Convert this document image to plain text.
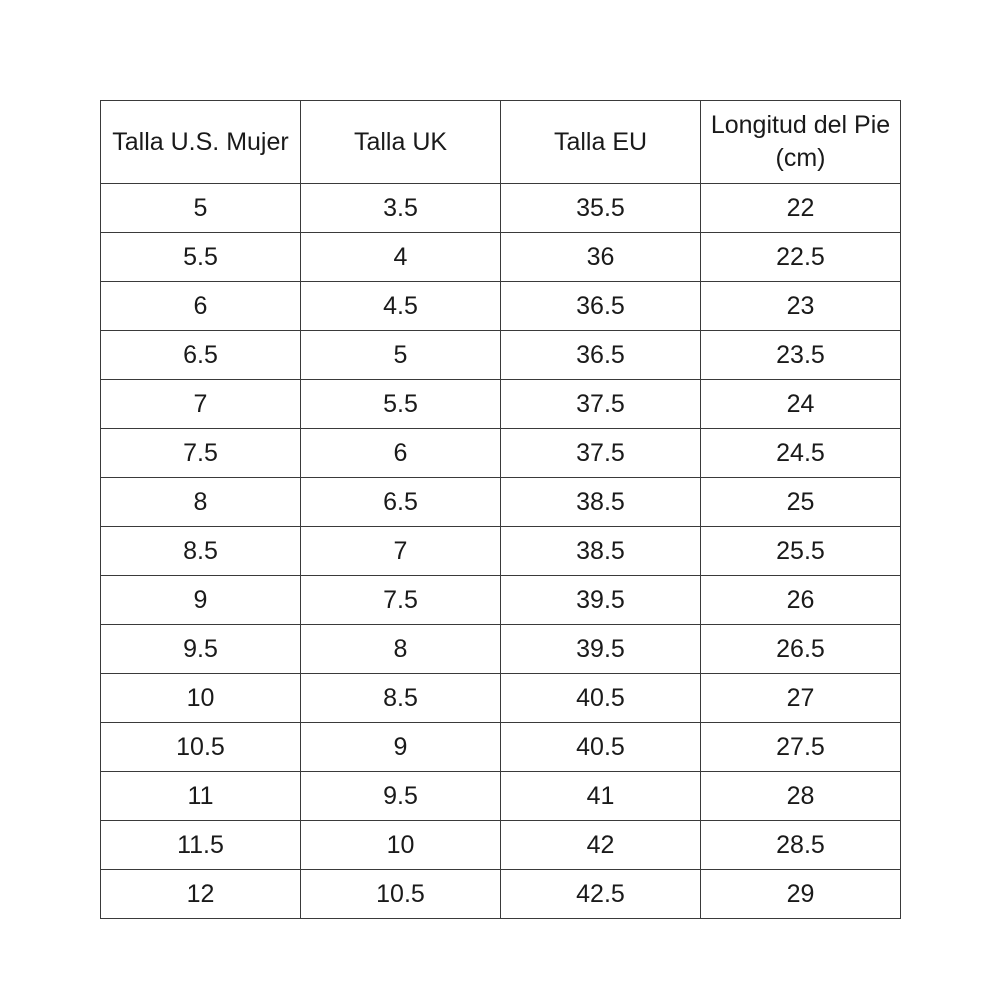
Talla U.S. Mujer	Talla UK	Talla EU	Longitud del Pie (cm)
5	3.5	35.5	22
5.5	4	36	22.5
6	4.5	36.5	23
6.5	5	36.5	23.5
7	5.5	37.5	24
7.5	6	37.5	24.5
8	6.5	38.5	25
8.5	7	38.5	25.5
9	7.5	39.5	26
9.5	8	39.5	26.5
10	8.5	40.5	27
10.5	9	40.5	27.5
11	9.5	41	28
11.5	10	42	28.5
12	10.5	42.5	29
